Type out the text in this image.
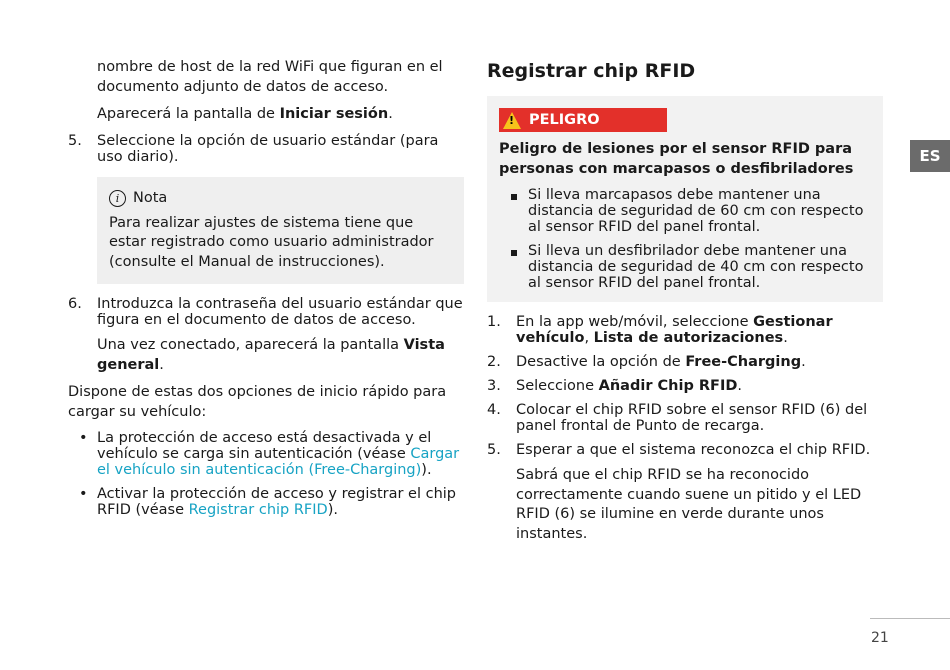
nombre de host de la red WiFi que figuran en el documento adjunto de datos de acceso.

Aparecerá la pantalla de Iniciar sesión.

5.	Seleccione la opción de usuario estándar (para uso diario).
i Nota

Para realizar ajustes de sistema tiene que estar registrado como usuario administrador (consulte el Manual de instrucciones).

6.	Introduzca la contraseña del usuario estándar que figura en el documento de datos de acceso.

Una vez conectado, aparecerá la pantalla Vista general.

Dispone de estas dos opciones de inicio rápido para cargar su vehículo:

• La protección de acceso está desactivada y el vehículo se carga sin autenticación (véase Cargar el vehículo sin autenticación (Free-Charging)).
• Activar la protección de acceso y registrar el chip RFID (véase Registrar chip RFID).
Registrar chip RFID
! PELIGRO

Peligro de lesiones por el sensor RFID para personas con marcapasos o desfibriladores

Si lleva marcapasos debe mantener una distancia de seguridad de 60 cm con respecto al sensor RFID del panel frontal.
Si lleva un desfibrilador debe mantener una distancia de seguridad de 40 cm con respecto al sensor RFID del panel frontal.
1.	En la app web/móvil, seleccione Gestionar vehículo, Lista de autorizaciones.
2.	Desactive la opción de Free-Charging.
3.	Seleccione Añadir Chip RFID.
4.	Colocar el chip RFID sobre el sensor RFID (6) del panel frontal de Punto de recarga.
5.	Esperar a que el sistema reconozca el chip RFID.

Sabrá que el chip RFID se ha reconocido correctamente cuando suene un pitido y el LED RFID (6) se ilumine en verde durante unos instantes.

ES
21
